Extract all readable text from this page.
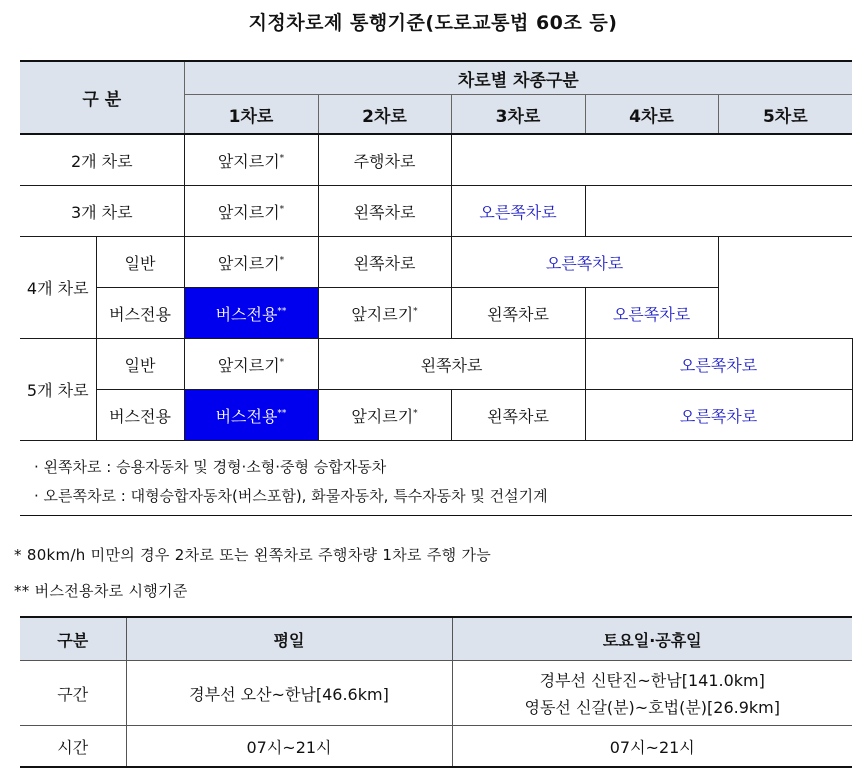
지정차로제 통행기준(도로교통법 60조 등)
구 분		차로별 차종구분				
		1차로	2차로	3차로	4차로	5차로
2개 차로		앞지르기*	주행차로			
3개 차로		앞지르기*	왼쪽차로	오른쪽차로		
4개 차로	일반	앞지르기*	왼쪽차로	오른쪽차로		
	버스전용	버스전용**	앞지르기*	왼쪽차로	오른쪽차로	
5개 차로	일반	앞지르기*	왼쪽차로		오른쪽차로	
	버스전용	버스전용**	앞지르기*	왼쪽차로	오른쪽차로	
· 왼쪽차로 : 승용자동차 및 경형·소형·중형 승합자동차
· 오른쪽차로 : 대형승합자동차(버스포함), 화물자동차, 특수자동차 및 건설기계
* 80km/h 미만의 경우 2차로 또는 왼쪽차로 주행차량 1차로 주행 가능
** 버스전용차로 시행기준
구분	평일	토요일·공휴일
구간	경부선 오산~한남[46.6km]	경부선 신탄진~한남[141.0km]
영동선 신갈(분)~호법(분)[26.9km]

시간	07시~21시	07시~21시
